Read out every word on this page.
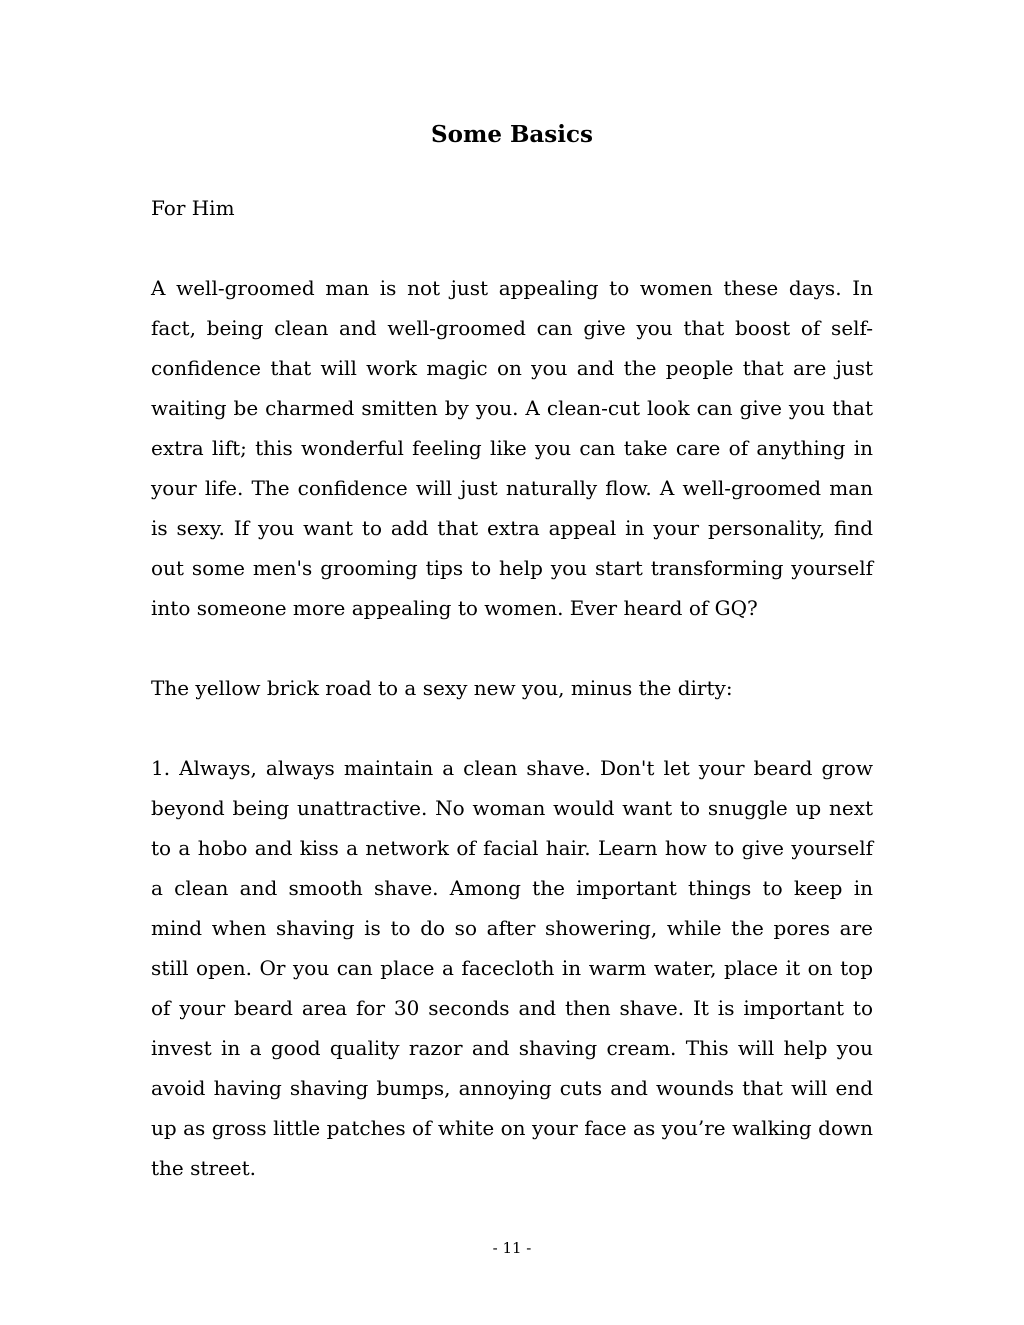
Some Basics

For Him

A well-groomed man is not just appealing to women these days. In fact, being clean and well-groomed can give you that boost of self-confidence that will work magic on you and the people that are just waiting be charmed smitten by you. A clean-cut look can give you that extra lift; this wonderful feeling like you can take care of anything in your life. The confidence will just naturally flow. A well-groomed man is sexy. If you want to add that extra appeal in your personality, find out some men's grooming tips to help you start transforming yourself into someone more appealing to women. Ever heard of GQ?

The yellow brick road to a sexy new you, minus the dirty:

1. Always, always maintain a clean shave. Don't let your beard grow beyond being unattractive. No woman would want to snuggle up next to a hobo and kiss a network of facial hair. Learn how to give yourself a clean and smooth shave. Among the important things to keep in mind when shaving is to do so after showering, while the pores are still open. Or you can place a facecloth in warm water, place it on top of your beard area for 30 seconds and then shave. It is important to invest in a good quality razor and shaving cream. This will help you avoid having shaving bumps, annoying cuts and wounds that will end up as gross little patches of white on your face as you’re walking down the street.

- 11 -
